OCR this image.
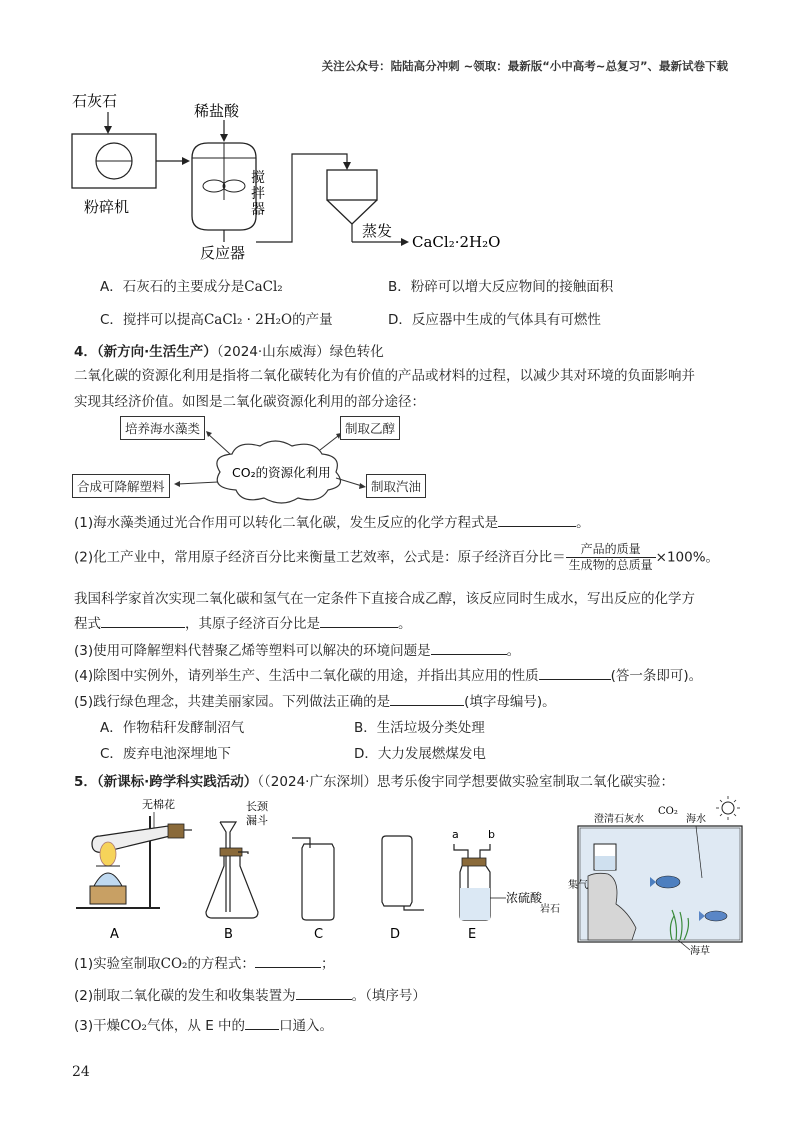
关注公众号：陆陆高分冲刺 ~领取：最新版“小中高考~总复习”、最新试卷下载
石灰石
粉碎机
稀盐酸
搅
拌
器
反应器
蒸发
CaCl₂·2H₂O
A．石灰石的主要成分是CaCl₂	B．粉碎可以增大反应物间的接触面积
C．搅拌可以提高CaCl₂ · 2H₂O的产量	D．反应器中生成的气体具有可燃性
4．（新方向·生活生产）（2024·山东威海）绿色转化
二氧化碳的资源化利用是指将二氧化碳转化为有价值的产品或材料的过程，以减少其对环境的负面影响并
实现其经济价值。如图是二氧化碳资源化利用的部分途径：
CO₂的资源化利用
培养海水藻类	制取乙醇
合成可降解塑料	制取汽油
(1)海水藻类通过光合作用可以转化二氧化碳，发生反应的化学方程式是	。
(2)化工产业中，常用原子经济百分比来衡量工艺效率，公式是：原子经济百分比＝ $\frac{\text{产品的质量}}{\text{生成物的总质量}} \times 100\%$。
我国科学家首次实现二氧化碳和氢气在一定条件下直接合成乙醇，该反应同时生成水，写出反应的化学方
程式	，其原子经济百分比是	。
(3)使用可降解塑料代替聚乙烯等塑料可以解决的环境问题是	。
(4)除图中实例外，请列举生产、生活中二氧化碳的用途，并指出其应用的性质	(答一条即可)。
(5)践行绿色理念，共建美丽家园。下列做法正确的是	(填字母编号)。
A．作物秸秆发酵制沼气	B．生活垃圾分类处理
C．废弃电池深埋地下	D．大力发展燃煤发电
5．（新课标·跨学科实践活动）（（2024·广东深圳）思考乐俊宇同学想要做实验室制取二氧化碳实验：
无棉花
A
长颈
漏斗
B	C	D
a	b
浓硫酸
E
澄清石灰水
CO₂
海水
集气
岩石
海草
(1)实验室制取CO₂的方程式：	；
(2)制取二氧化碳的发生和收集装置为	。（填序号）
(3)干燥CO₂气体，从 E 中的	口通入。
24
